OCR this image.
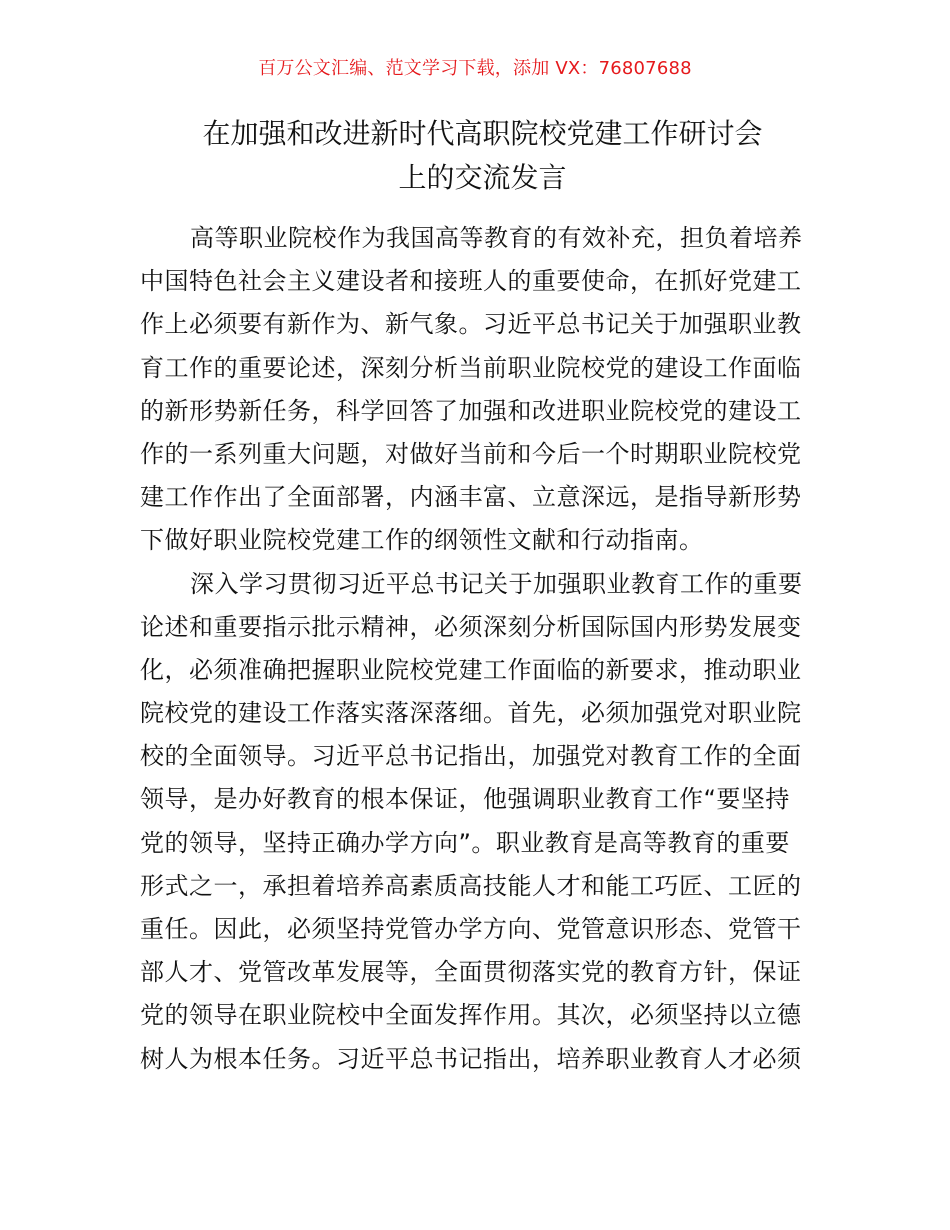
百万公文汇编、范文学习下载，添加 VX：76807688
在加强和改进新时代高职院校党建工作研讨会
上的交流发言
高等职业院校作为我国高等教育的有效补充，担负着培养
中国特色社会主义建设者和接班人的重要使命，在抓好党建工
作上必须要有新作为、新气象。习近平总书记关于加强职业教
育工作的重要论述，深刻分析当前职业院校党的建设工作面临
的新形势新任务，科学回答了加强和改进职业院校党的建设工
作的一系列重大问题，对做好当前和今后一个时期职业院校党
建工作作出了全面部署，内涵丰富、立意深远，是指导新形势
下做好职业院校党建工作的纲领性文献和行动指南。
深入学习贯彻习近平总书记关于加强职业教育工作的重要
论述和重要指示批示精神，必须深刻分析国际国内形势发展变
化，必须准确把握职业院校党建工作面临的新要求，推动职业
院校党的建设工作落实落深落细。首先，必须加强党对职业院
校的全面领导。习近平总书记指出，加强党对教育工作的全面
领导，是办好教育的根本保证，他强调职业教育工作“要坚持
党的领导，坚持正确办学方向”。职业教育是高等教育的重要
形式之一，承担着培养高素质高技能人才和能工巧匠、工匠的
重任。因此，必须坚持党管办学方向、党管意识形态、党管干
部人才、党管改革发展等，全面贯彻落实党的教育方针，保证
党的领导在职业院校中全面发挥作用。其次，必须坚持以立德
树人为根本任务。习近平总书记指出，培养职业教育人才必须
